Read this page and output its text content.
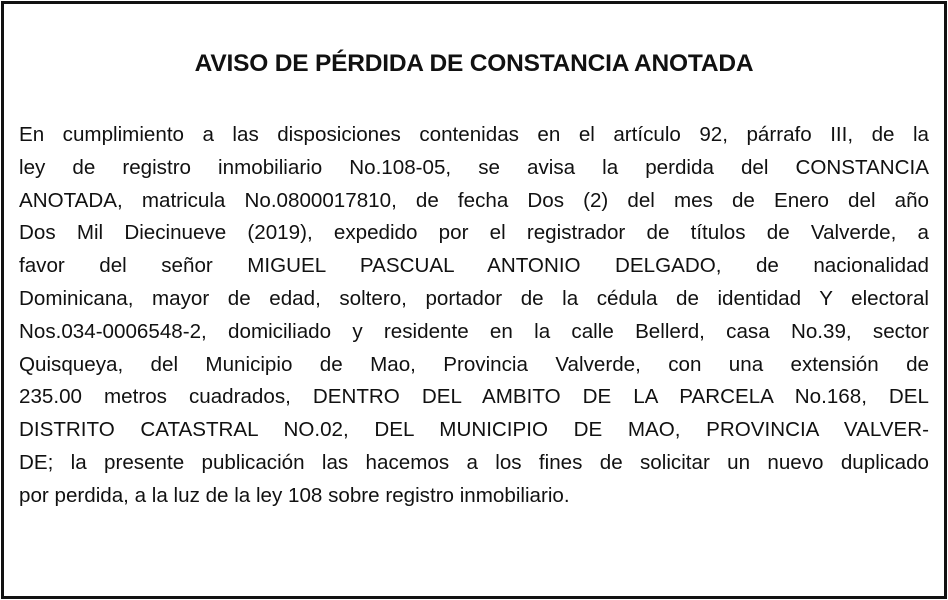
AVISO DE PÉRDIDA DE CONSTANCIA ANOTADA
En cumplimiento a las disposiciones contenidas en el artículo 92, párrafo III, de la
ley de registro inmobiliario No.108-05, se avisa la perdida del CONSTANCIA
ANOTADA, matricula No.0800017810, de fecha Dos (2) del mes de Enero del año
Dos Mil Diecinueve (2019), expedido por el registrador de títulos de Valverde, a
favor del señor MIGUEL PASCUAL ANTONIO DELGADO, de nacionalidad
Dominicana, mayor de edad, soltero, portador de la cédula de identidad Y electoral
Nos.034-0006548-2, domiciliado y residente en la calle Bellerd, casa No.39, sector
Quisqueya, del Municipio de Mao, Provincia Valverde, con una extensión de
235.00 metros cuadrados, DENTRO DEL AMBITO DE LA PARCELA No.168, DEL
DISTRITO CATASTRAL NO.02, DEL MUNICIPIO DE MAO, PROVINCIA VALVER-
DE; la presente publicación las hacemos a los fines de solicitar un nuevo duplicado
por perdida, a la luz de la ley 108 sobre registro inmobiliario.
